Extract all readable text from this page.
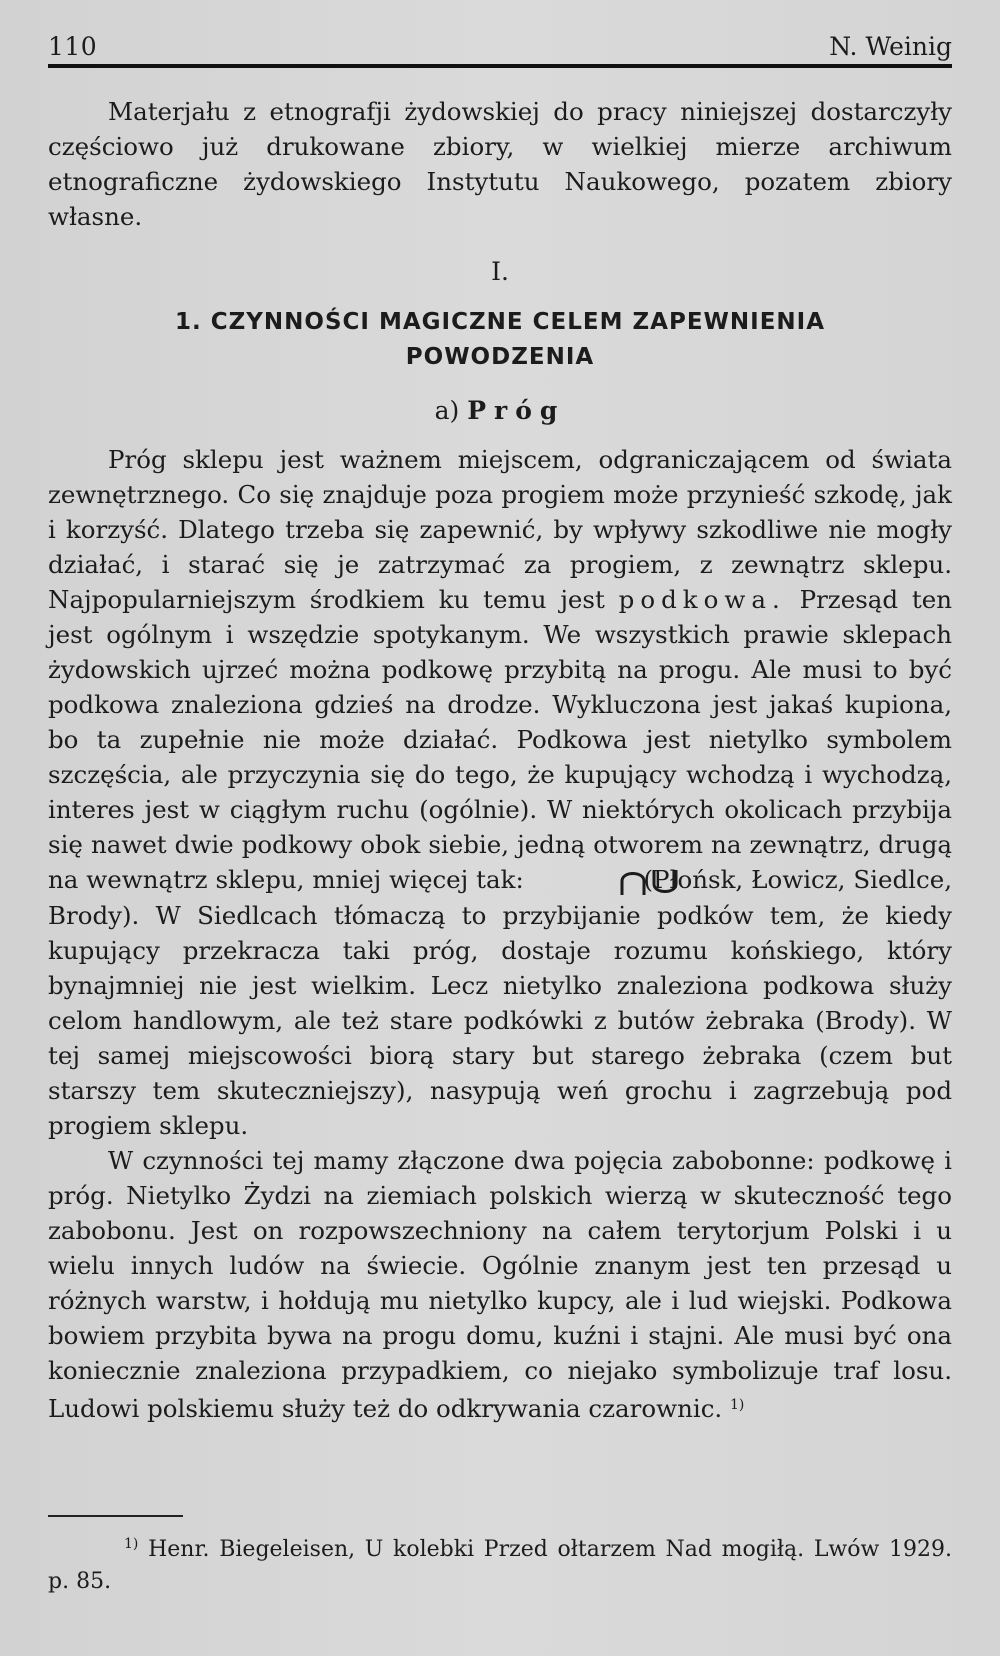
110	N. Weinig

Materjału z etnografji żydowskiej do pracy niniejszej dostarczyły częściowo już drukowane zbiory, w wielkiej mierze archiwum etnograficzne żydowskiego Instytutu Naukowego, pozatem zbiory własne.

I.

1. CZYNNOŚCI MAGICZNE CELEM ZAPEWNIENIA
POWODZENIA

a) Próg

Próg sklepu jest ważnem miejscem, odgraniczającem od świata zewnętrznego. Co się znajduje poza progiem może przynieść szkodę, jak i korzyść. Dlatego trzeba się zapewnić, by wpływy szkodliwe nie mogły działać, i starać się je zatrzymać za progiem, z zewnątrz sklepu. Najpopularniejszym środkiem ku temu jest podkowa. Przesąd ten jest ogólnym i wszędzie spotykanym. We wszystkich prawie sklepach żydowskich ujrzeć można podkowę przybitą na progu. Ale musi to być podkowa znaleziona gdzieś na drodze. Wykluczona jest jakaś kupiona, bo ta zupełnie nie może działać. Podkowa jest nietylko symbolem szczęścia, ale przyczynia się do tego, że kupujący wchodzą i wychodzą, interes jest w ciągłym ruchu (ogólnie). W niektórych okolicach przybija się nawet dwie podkowy obok siebie, jedną otworem na zewnątrz, drugą na wewnątrz sklepu, mniej więcej tak:	(Płońsk, Łowicz, Siedlce, Brody). W Siedlcach tłómaczą to przybijanie podków tem, że kiedy kupujący przekracza taki próg, dostaje rozumu końskiego, który bynajmniej nie jest wielkim. Lecz nietylko znaleziona podkowa służy celom handlowym, ale też stare podkówki z butów żebraka (Brody). W tej samej miejscowości biorą stary but starego żebraka (czem but starszy tem skuteczniejszy), nasypują weń grochu i zagrzebują pod progiem sklepu.

W czynności tej mamy złączone dwa pojęcia zabobonne: podkowę i próg. Nietylko Żydzi na ziemiach polskich wierzą w skuteczność tego zabobonu. Jest on rozpowszechniony na całem terytorjum Polski i u wielu innych ludów na świecie. Ogólnie znanym jest ten przesąd u różnych warstw, i hołdują mu nietylko kupcy, ale i lud wiejski. Podkowa bowiem przybita bywa na progu domu, kuźni i stajni. Ale musi być ona koniecznie znaleziona przypadkiem, co niejako symbolizuje traf losu. Ludowi polskiemu służy też do odkrywania czarownic. $^{1)}$

$^{1)}$ Henr. Biegeleisen, U kolebki Przed ołtarzem Nad mogiłą. Lwów 1929. p. 85.
